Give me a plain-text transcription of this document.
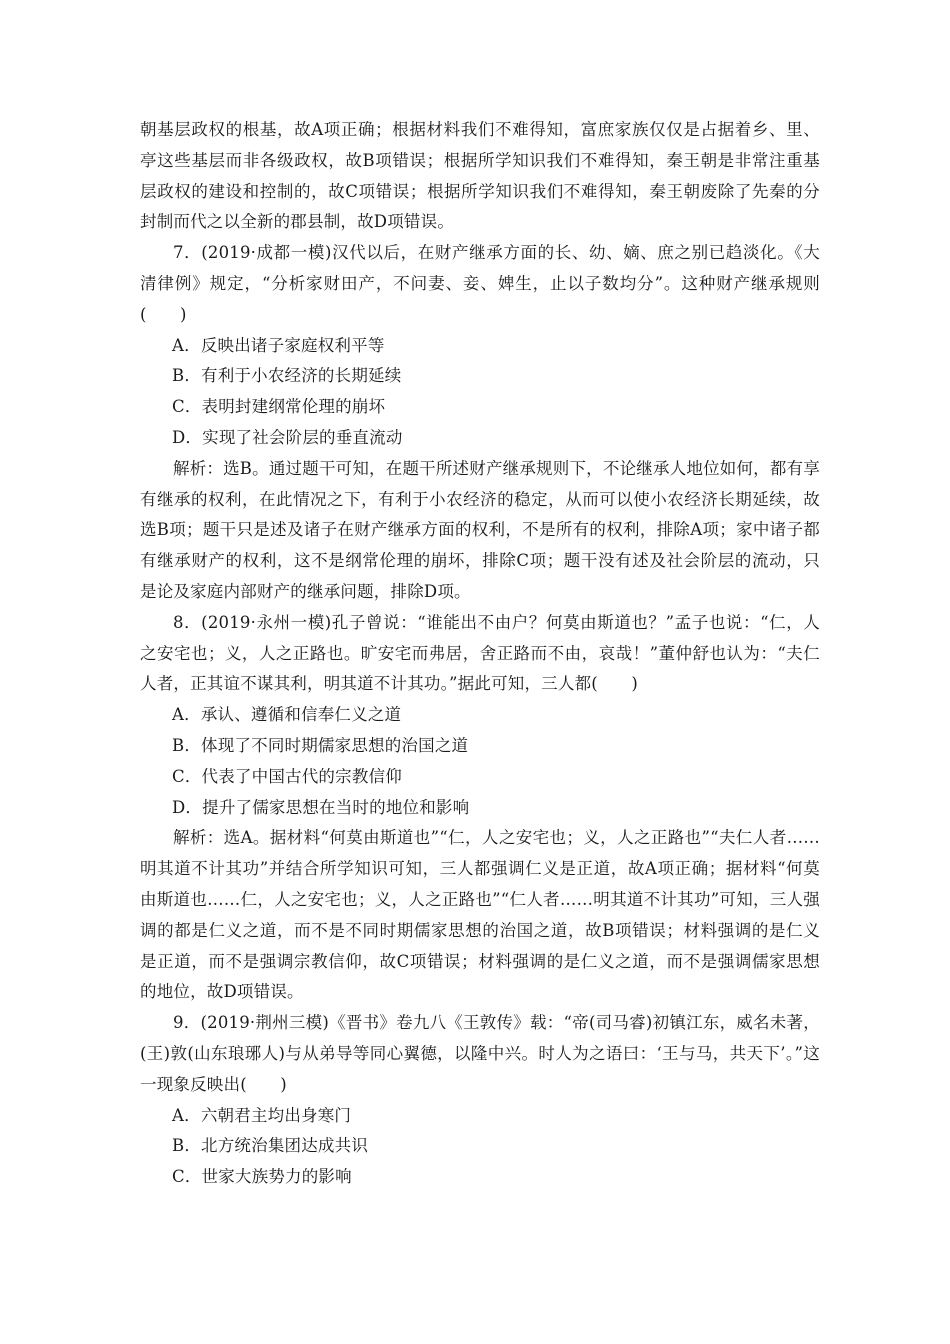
朝基层政权的根基，故A项正确；根据材料我们不难得知，富庶家族仅仅是占据着乡、里、亭这些基层而非各级政权，故B项错误；根据所学知识我们不难得知，秦王朝是非常注重基层政权的建设和控制的，故C项错误；根据所学知识我们不难得知，秦王朝废除了先秦的分封制而代之以全新的郡县制，故D项错误。

7．(2019·成都一模)汉代以后，在财产继承方面的长、幼、嫡、庶之别已趋淡化。《大清律例》规定，“分析家财田产，不问妻、妾、婢生，止以子数均分”。这种财产继承规则(　　)

A．反映出诸子家庭权利平等

B．有利于小农经济的长期延续

C．表明封建纲常伦理的崩坏

D．实现了社会阶层的垂直流动

解析：选B。通过题干可知，在题干所述财产继承规则下，不论继承人地位如何，都有享有继承的权利，在此情况之下，有利于小农经济的稳定，从而可以使小农经济长期延续，故选B项；题干只是述及诸子在财产继承方面的权利，不是所有的权利，排除A项；家中诸子都有继承财产的权利，这不是纲常伦理的崩坏，排除C项；题干没有述及社会阶层的流动，只是论及家庭内部财产的继承问题，排除D项。

8．(2019·永州一模)孔子曾说：“谁能出不由户？何莫由斯道也？”孟子也说：“仁，人之安宅也；义，人之正路也。旷安宅而弗居，舍正路而不由，哀哉！”董仲舒也认为：“夫仁人者，正其谊不谋其利，明其道不计其功。”据此可知，三人都(　　)

A．承认、遵循和信奉仁义之道

B．体现了不同时期儒家思想的治国之道

C．代表了中国古代的宗教信仰

D．提升了儒家思想在当时的地位和影响

解析：选A。据材料“何莫由斯道也”“仁，人之安宅也；义，人之正路也”“夫仁人者……明其道不计其功”并结合所学知识可知，三人都强调仁义是正道，故A项正确；据材料“何莫由斯道也……仁，人之安宅也；义，人之正路也”“仁人者……明其道不计其功”可知，三人强调的都是仁义之道，而不是不同时期儒家思想的治国之道，故B项错误；材料强调的是仁义是正道，而不是强调宗教信仰，故C项错误；材料强调的是仁义之道，而不是强调儒家思想的地位，故D项错误。

9．(2019·荆州三模)《晋书》卷九八《王敦传》载：“帝(司马睿)初镇江东，威名未著，(王)敦(山东琅琊人)与从弟导等同心翼德，以隆中兴。时人为之语曰：‘王与马，共天下’。”这一现象反映出(　　)

A．六朝君主均出身寒门

B．北方统治集团达成共识

C．世家大族势力的影响
